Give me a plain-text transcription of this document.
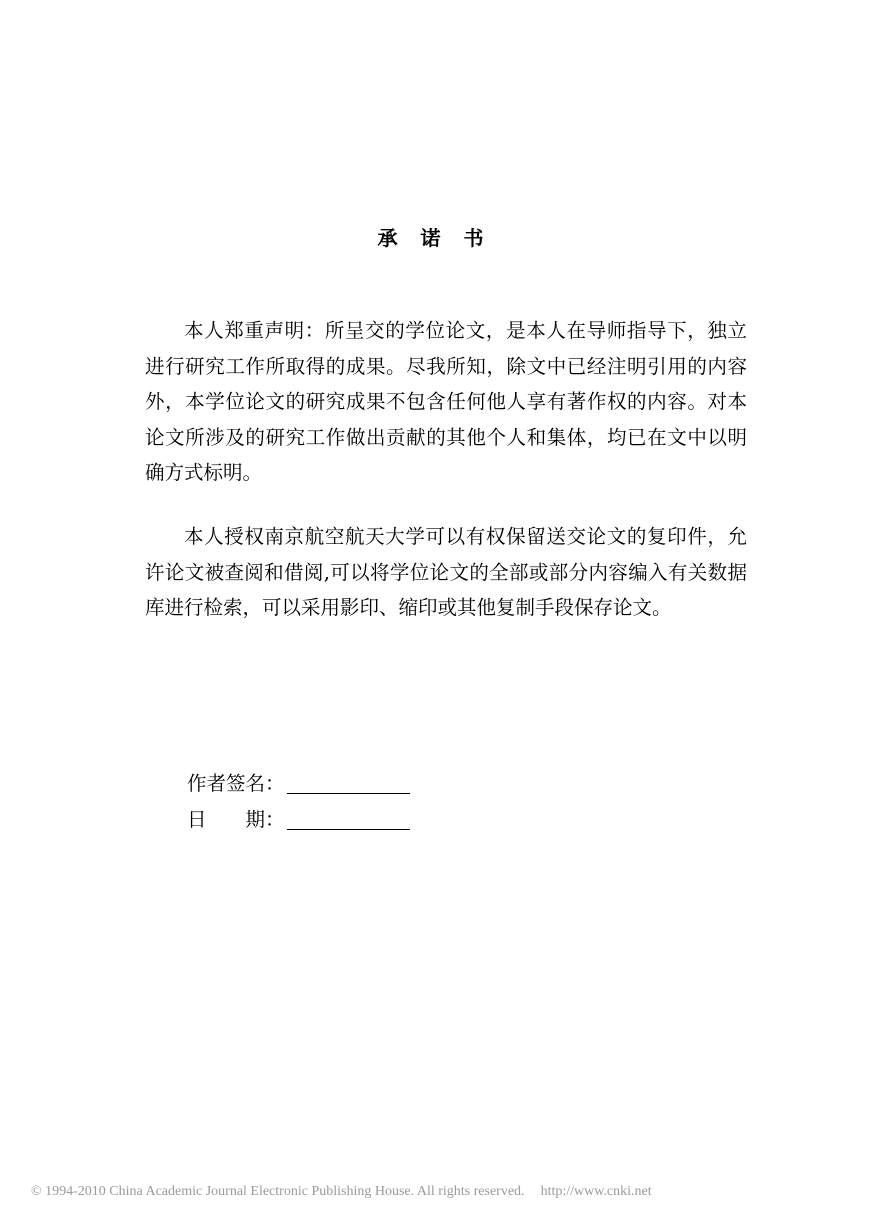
承 诺 书

本人郑重声明：所呈交的学位论文，是本人在导师指导下，独立进行研究工作所取得的成果。尽我所知，除文中已经注明引用的内容外，本学位论文的研究成果不包含任何他人享有著作权的内容。对本论文所涉及的研究工作做出贡献的其他个人和集体，均已在文中以明确方式标明。

本人授权南京航空航天大学可以有权保留送交论文的复印件，允许论文被查阅和借阅,可以将学位论文的全部或部分内容编入有关数据库进行检索，可以采用影印、缩印或其他复制手段保存论文。

作者签名：
日　　期：
© 1994-2010 China Academic Journal Electronic Publishing House. All rights reserved. http://www.cnki.net
